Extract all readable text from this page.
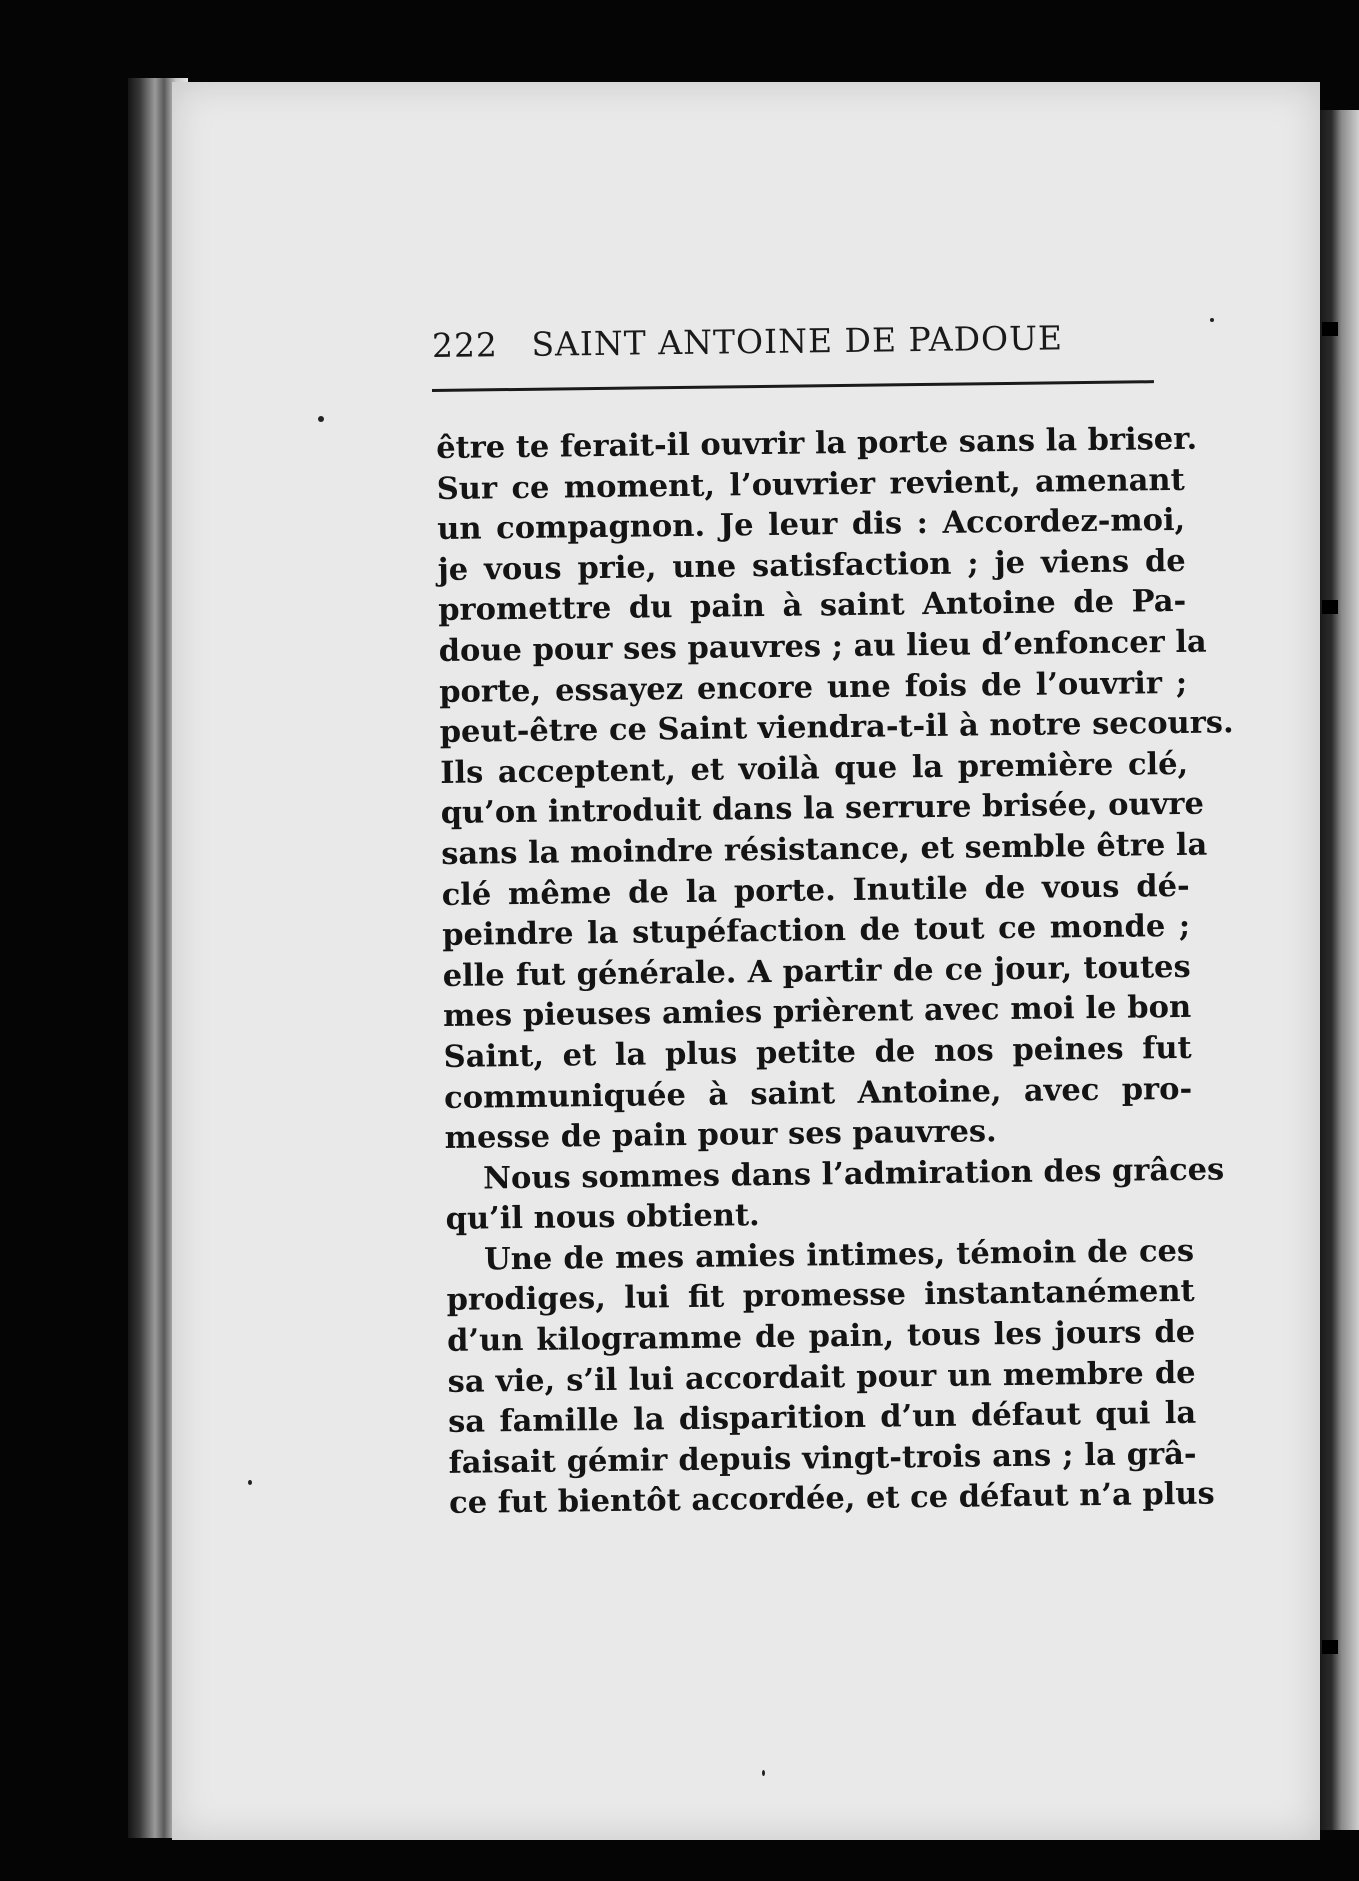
222 SAINT ANTOINE DE PADOUE
être te ferait-il ouvrir la porte sans la briser.
Sur ce moment, l’ouvrier revient, amenant
un compagnon. Je leur dis : Accordez-moi,
je vous prie, une satisfaction ; je viens de
promettre du pain à saint Antoine de Pa-
doue pour ses pauvres ; au lieu d’enfoncer la
porte, essayez encore une fois de l’ouvrir ;
peut-être ce Saint viendra-t-il à notre secours.
Ils acceptent, et voilà que la première clé,
qu’on introduit dans la serrure brisée, ouvre
sans la moindre résistance, et semble être la
clé même de la porte. Inutile de vous dé-
peindre la stupéfaction de tout ce monde ;
elle fut générale. A partir de ce jour, toutes
mes pieuses amies prièrent avec moi le bon
Saint, et la plus petite de nos peines fut
communiquée à saint Antoine, avec pro-
messe de pain pour ses pauvres.
Nous sommes dans l’admiration des grâces
qu’il nous obtient.
Une de mes amies intimes, témoin de ces
prodiges, lui fit promesse instantanément
d’un kilogramme de pain, tous les jours de
sa vie, s’il lui accordait pour un membre de
sa famille la disparition d’un défaut qui la
faisait gémir depuis vingt-trois ans ; la grâ-
ce fut bientôt accordée, et ce défaut n’a plus
